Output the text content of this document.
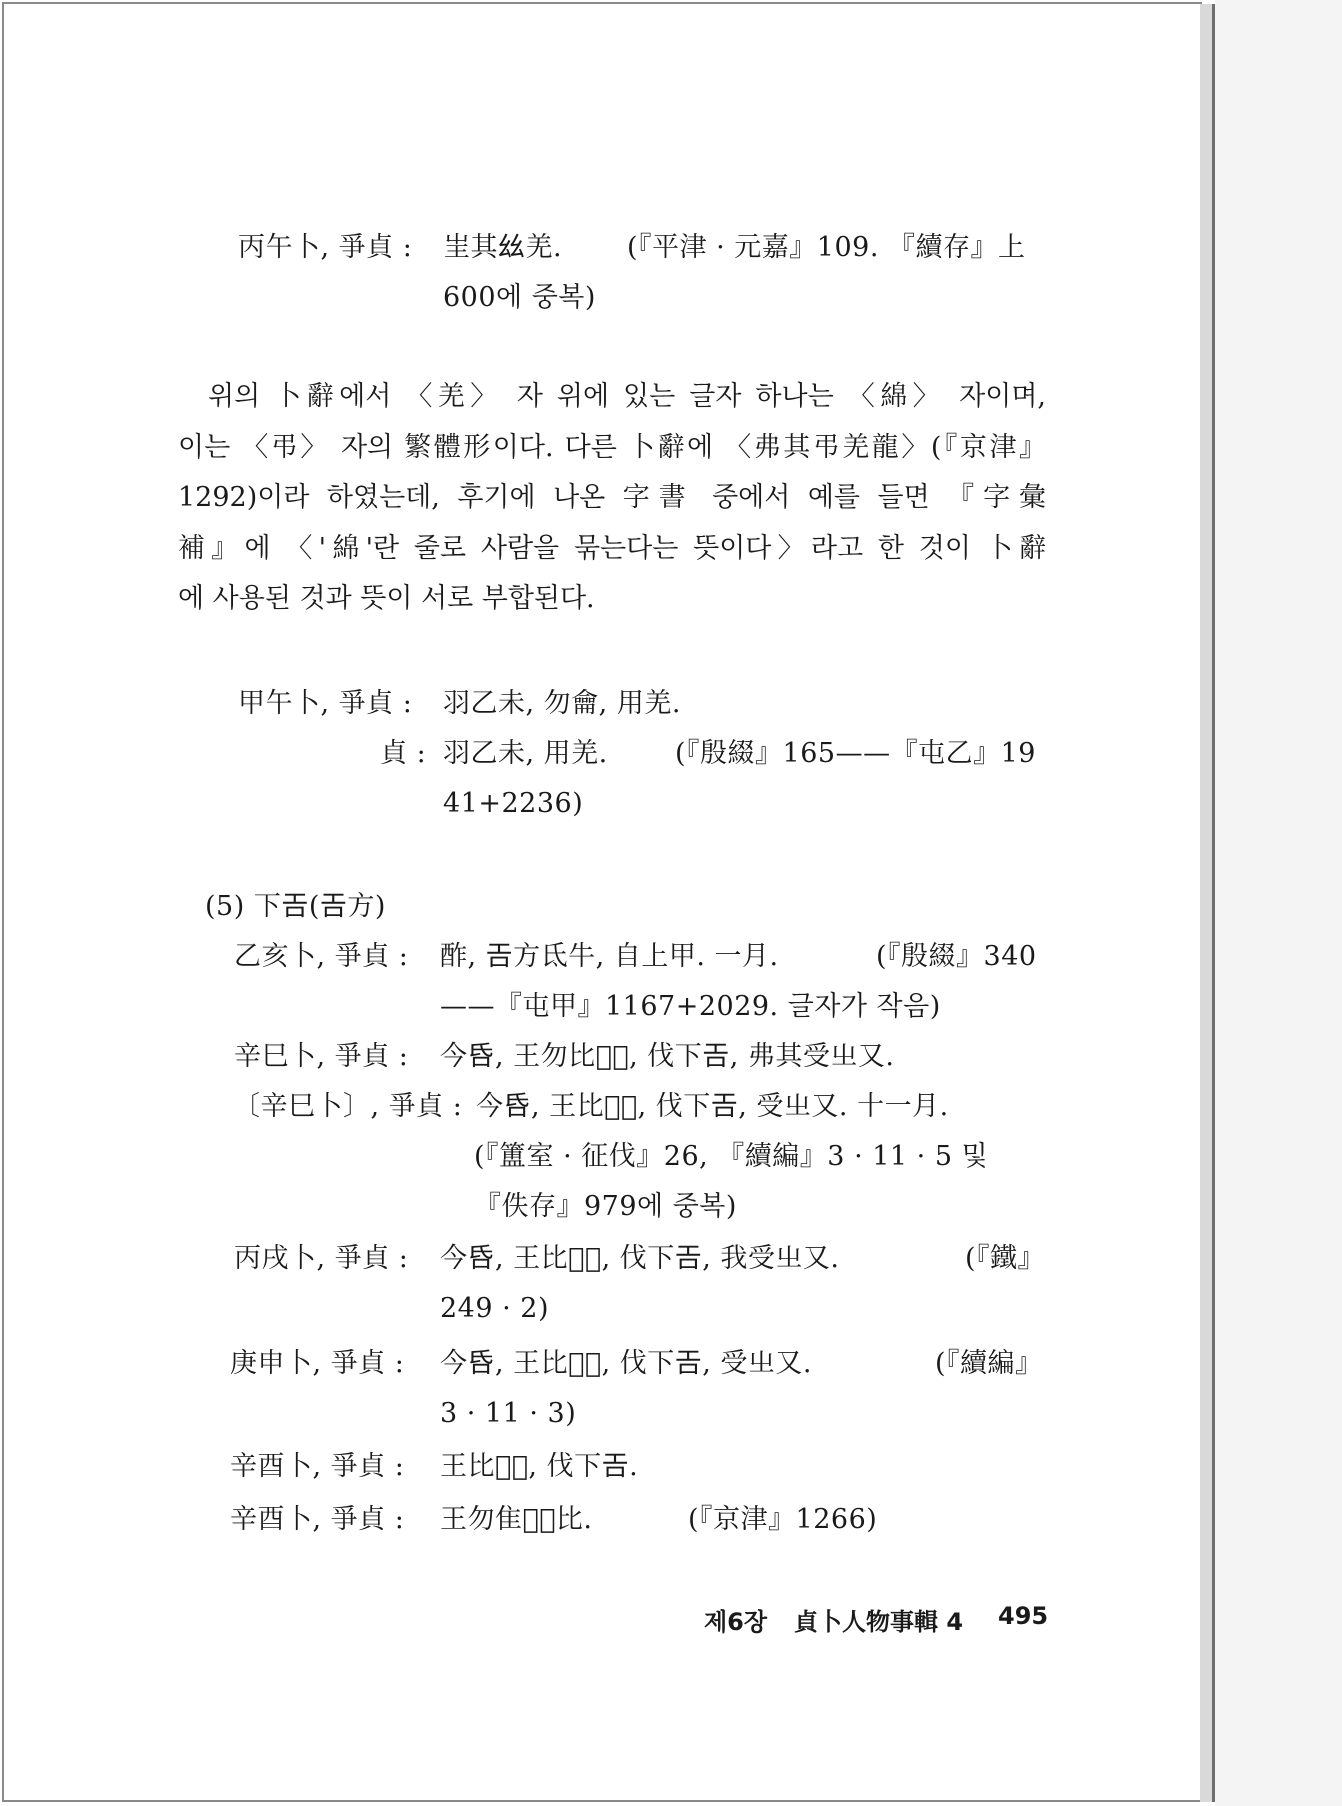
丙午卜, 爭貞 : 㞷其𢆶羌. (『平津 · 元嘉』109. 『續存』上
600에 중복)
위의 卜辭에서 〈羌〉 자 위에 있는 글자 하나는 〈綿〉 자이며,
이는 〈弔〉 자의 繁體形이다. 다른 卜辭에 〈弗其弔羌龍〉(『京津』
1292)이라 하였는데, 후기에 나온 字書 중에서 예를 들면 『字彙
補』에 〈'綿'란 줄로 사람을 묶는다는 뜻이다〉라고 한 것이 卜辭
에 사용된 것과 뜻이 서로 부합된다.
甲午卜, 爭貞 : 羽乙未, 勿龠, 用羌.
貞 : 羽乙未, 用羌. (『殷綴』165——『屯乙』19
41+2236)
(5) 下𢀛(𢀛方)
乙亥卜, 爭貞 : 酢, 𢀛方氐牛, 自上甲. 一月.	(『殷綴』340
——『屯甲』1167+2029. 글자가 작음)
辛巳卜, 爭貞 : 今𠯑, 王勿比󰉢󰉣, 伐下𢀛, 弗其受㞢又.
〔辛巳卜〕, 爭貞 : 今𠯑, 王比󰉢󰉣, 伐下𢀛, 受㞢又. 十一月.
(『簠室 · 征伐』26, 『續編』3 · 11 · 5 및
『佚存』979에 중복)
丙戌卜, 爭貞 : 今𠯑, 王比󰉢󰉣, 伐下𢀛, 我受㞢又.	(『鐵』
249 · 2)
庚申卜, 爭貞 : 今𠯑, 王比󰉢󰉣, 伐下𢀛, 受㞢又.	(『續編』
3 · 11 · 3)
辛酉卜, 爭貞 : 王比󰉢󰉣, 伐下𢀛.
辛酉卜, 爭貞 : 王勿隹󰉢󰉣比.	(『京津』1266)
제6장 貞卜人物事輯 4 495
